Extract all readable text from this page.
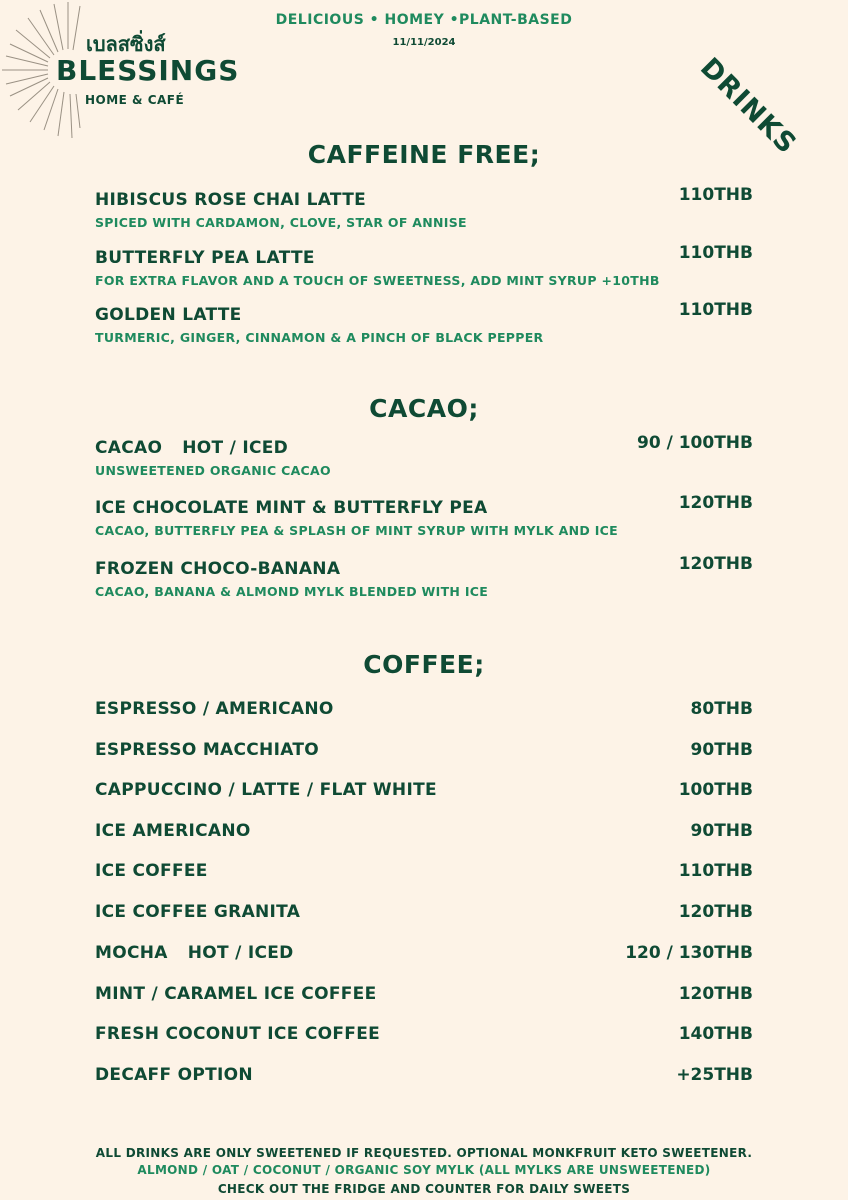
เบลสซิ่งส์
BLESSINGS
HOME & CAFÉ
DELICIOUS • HOMEY •PLANT-BASED
11/11/2024
DRINKS
CAFFEINE FREE;
HIBISCUS ROSE CHAI LATTE
SPICED WITH CARDAMON, CLOVE, STAR OF ANNISE
110THB
BUTTERFLY PEA LATTE
FOR EXTRA FLAVOR AND A TOUCH OF SWEETNESS, ADD MINT SYRUP +10THB
110THB
GOLDEN LATTE
TURMERIC, GINGER, CINNAMON & A PINCH OF BLACK PEPPER
110THB
CACAO;
CACAO HOT / ICED
UNSWEETENED ORGANIC CACAO
90 / 100THB
ICE CHOCOLATE MINT & BUTTERFLY PEA
CACAO, BUTTERFLY PEA & SPLASH OF MINT SYRUP WITH MYLK AND ICE
120THB
FROZEN CHOCO-BANANA
CACAO, BANANA & ALMOND MYLK BLENDED WITH ICE
120THB
COFFEE;
ESPRESSO / AMERICANO	80THB
ESPRESSO MACCHIATO	90THB
CAPPUCCINO / LATTE / FLAT WHITE	100THB
ICE AMERICANO	90THB
ICE COFFEE	110THB
ICE COFFEE GRANITA	120THB
MOCHA HOT / ICED	120 / 130THB
MINT / CARAMEL ICE COFFEE	120THB
FRESH COCONUT ICE COFFEE	140THB
DECAFF OPTION	+25THB
ALL DRINKS ARE ONLY SWEETENED IF REQUESTED. OPTIONAL MONKFRUIT KETO SWEETENER.
ALMOND / OAT / COCONUT / ORGANIC SOY MYLK (ALL MYLKS ARE UNSWEETENED)
CHECK OUT THE FRIDGE AND COUNTER FOR DAILY SWEETS
